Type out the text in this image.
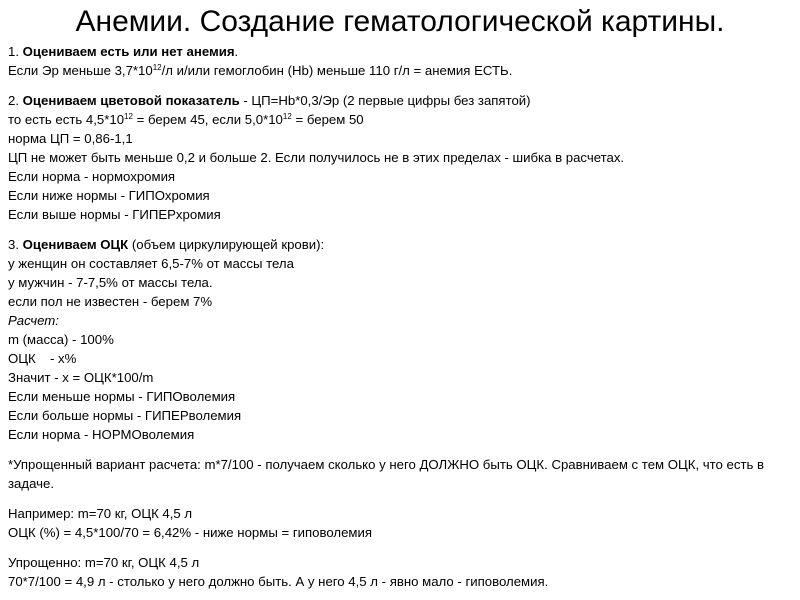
Анемии. Создание гематологической картины.
1. Оцениваем есть или нет анемия.
Если Эр меньше $3,7*10^{12}/л$ и/или гемоглобин (Hb) меньше 110 г/л = анемия ЕСТЬ.
2. Оцениваем цветовой показатель - ЦП=Hb*0,3/Эр (2 первые цифры без запятой)
то есть есть $4,5*10^{12}$ = берем 45, если $5,0*10^{12}$ = берем 50
норма ЦП = 0,86-1,1
ЦП не может быть меньше 0,2 и больше 2. Если получилось не в этих пределах - шибка в расчетах.
Если норма - нормохромия
Если ниже нормы - ГИПОхромия
Если выше нормы - ГИПЕРхромия
3. Оцениваем ОЦК (объем циркулирующей крови):
у женщин он составляет 6,5-7% от массы тела
у мужчин - 7-7,5% от массы тела.
если пол не известен - берем 7%
Расчет:
m (масса) - 100%
ОЦК - x%
Значит - x = ОЦК*100/m
Если меньше нормы - ГИПОволемия
Если больше нормы - ГИПЕРволемия
Если норма - НОРМОволемия
*Упрощенный вариант расчета: m*7/100 - получаем сколько у него ДОЛЖНО быть ОЦК. Сравниваем с тем ОЦК, что есть в задаче.
Например: m=70 кг, ОЦК 4,5 л
ОЦК (%) = 4,5*100/70 = 6,42% - ниже нормы = гиповолемия
Упрощенно: m=70 кг, ОЦК 4,5 л
70*7/100 = 4,9 л - столько у него должно быть. А у него 4,5 л - явно мало - гиповолемия.
